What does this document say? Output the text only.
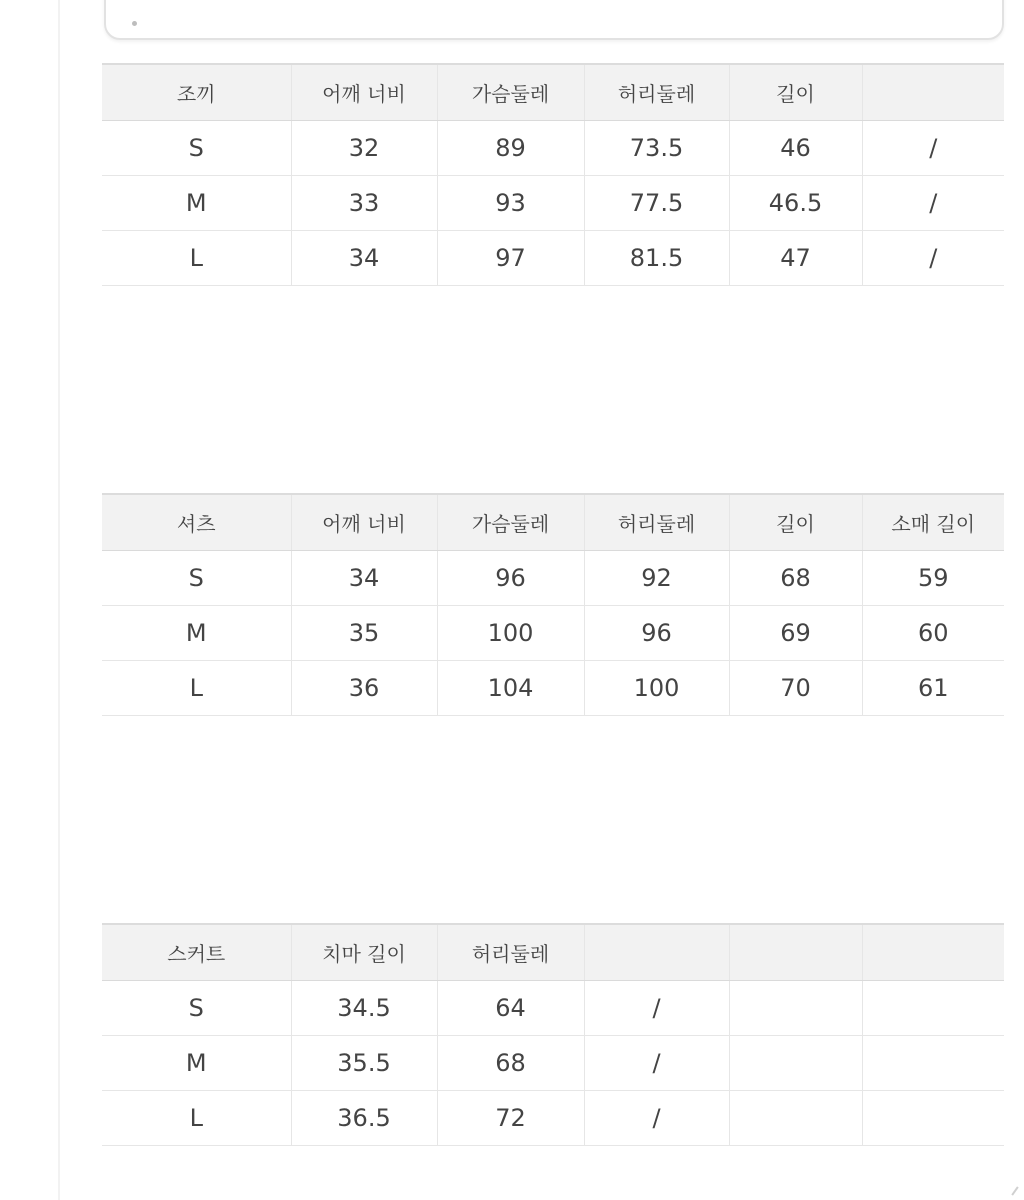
조끼	어깨 너비	가슴둘레	허리둘레	길이	
S	32	89	73.5	46	/
M	33	93	77.5	46.5	/
L	34	97	81.5	47	/
셔츠	어깨 너비	가슴둘레	허리둘레	길이	소매 길이
S	34	96	92	68	59
M	35	100	96	69	60
L	36	104	100	70	61
스커트	치마 길이	허리둘레			
S	34.5	64	/		
M	35.5	68	/		
L	36.5	72	/		
